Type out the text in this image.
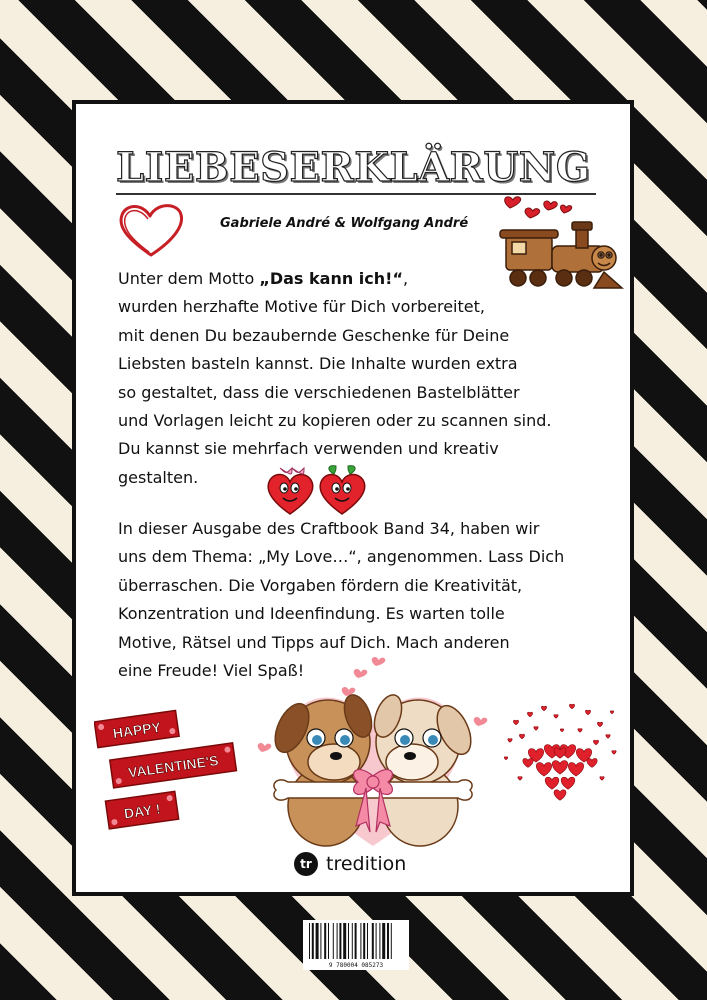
LIEBESERKLÄRUNG
Gabriele André & Wolfgang André
Unter dem Motto „Das kann ich!“,
wurden herzhafte Motive für Dich vorbereitet,
mit denen Du bezaubernde Geschenke für Deine
Liebsten basteln kannst. Die Inhalte wurden extra
so gestaltet, dass die verschiedenen Bastelblätter
und Vorlagen leicht zu kopieren oder zu scannen sind.
Du kannst sie mehrfach verwenden und kreativ
gestalten.
In dieser Ausgabe des Craftbook Band 34, haben wir
uns dem Thema: „My Love…“, angenommen. Lass Dich
überraschen. Die Vorgaben fördern die Kreativität,
Konzentration und Ideenfindung. Es warten tolle
Motive, Rätsel und Tipps auf Dich. Mach anderen
eine Freude! Viel Spaß!
HAPPY
VALENTINE'S
DAY !
tr tredition
9 780004 085273
